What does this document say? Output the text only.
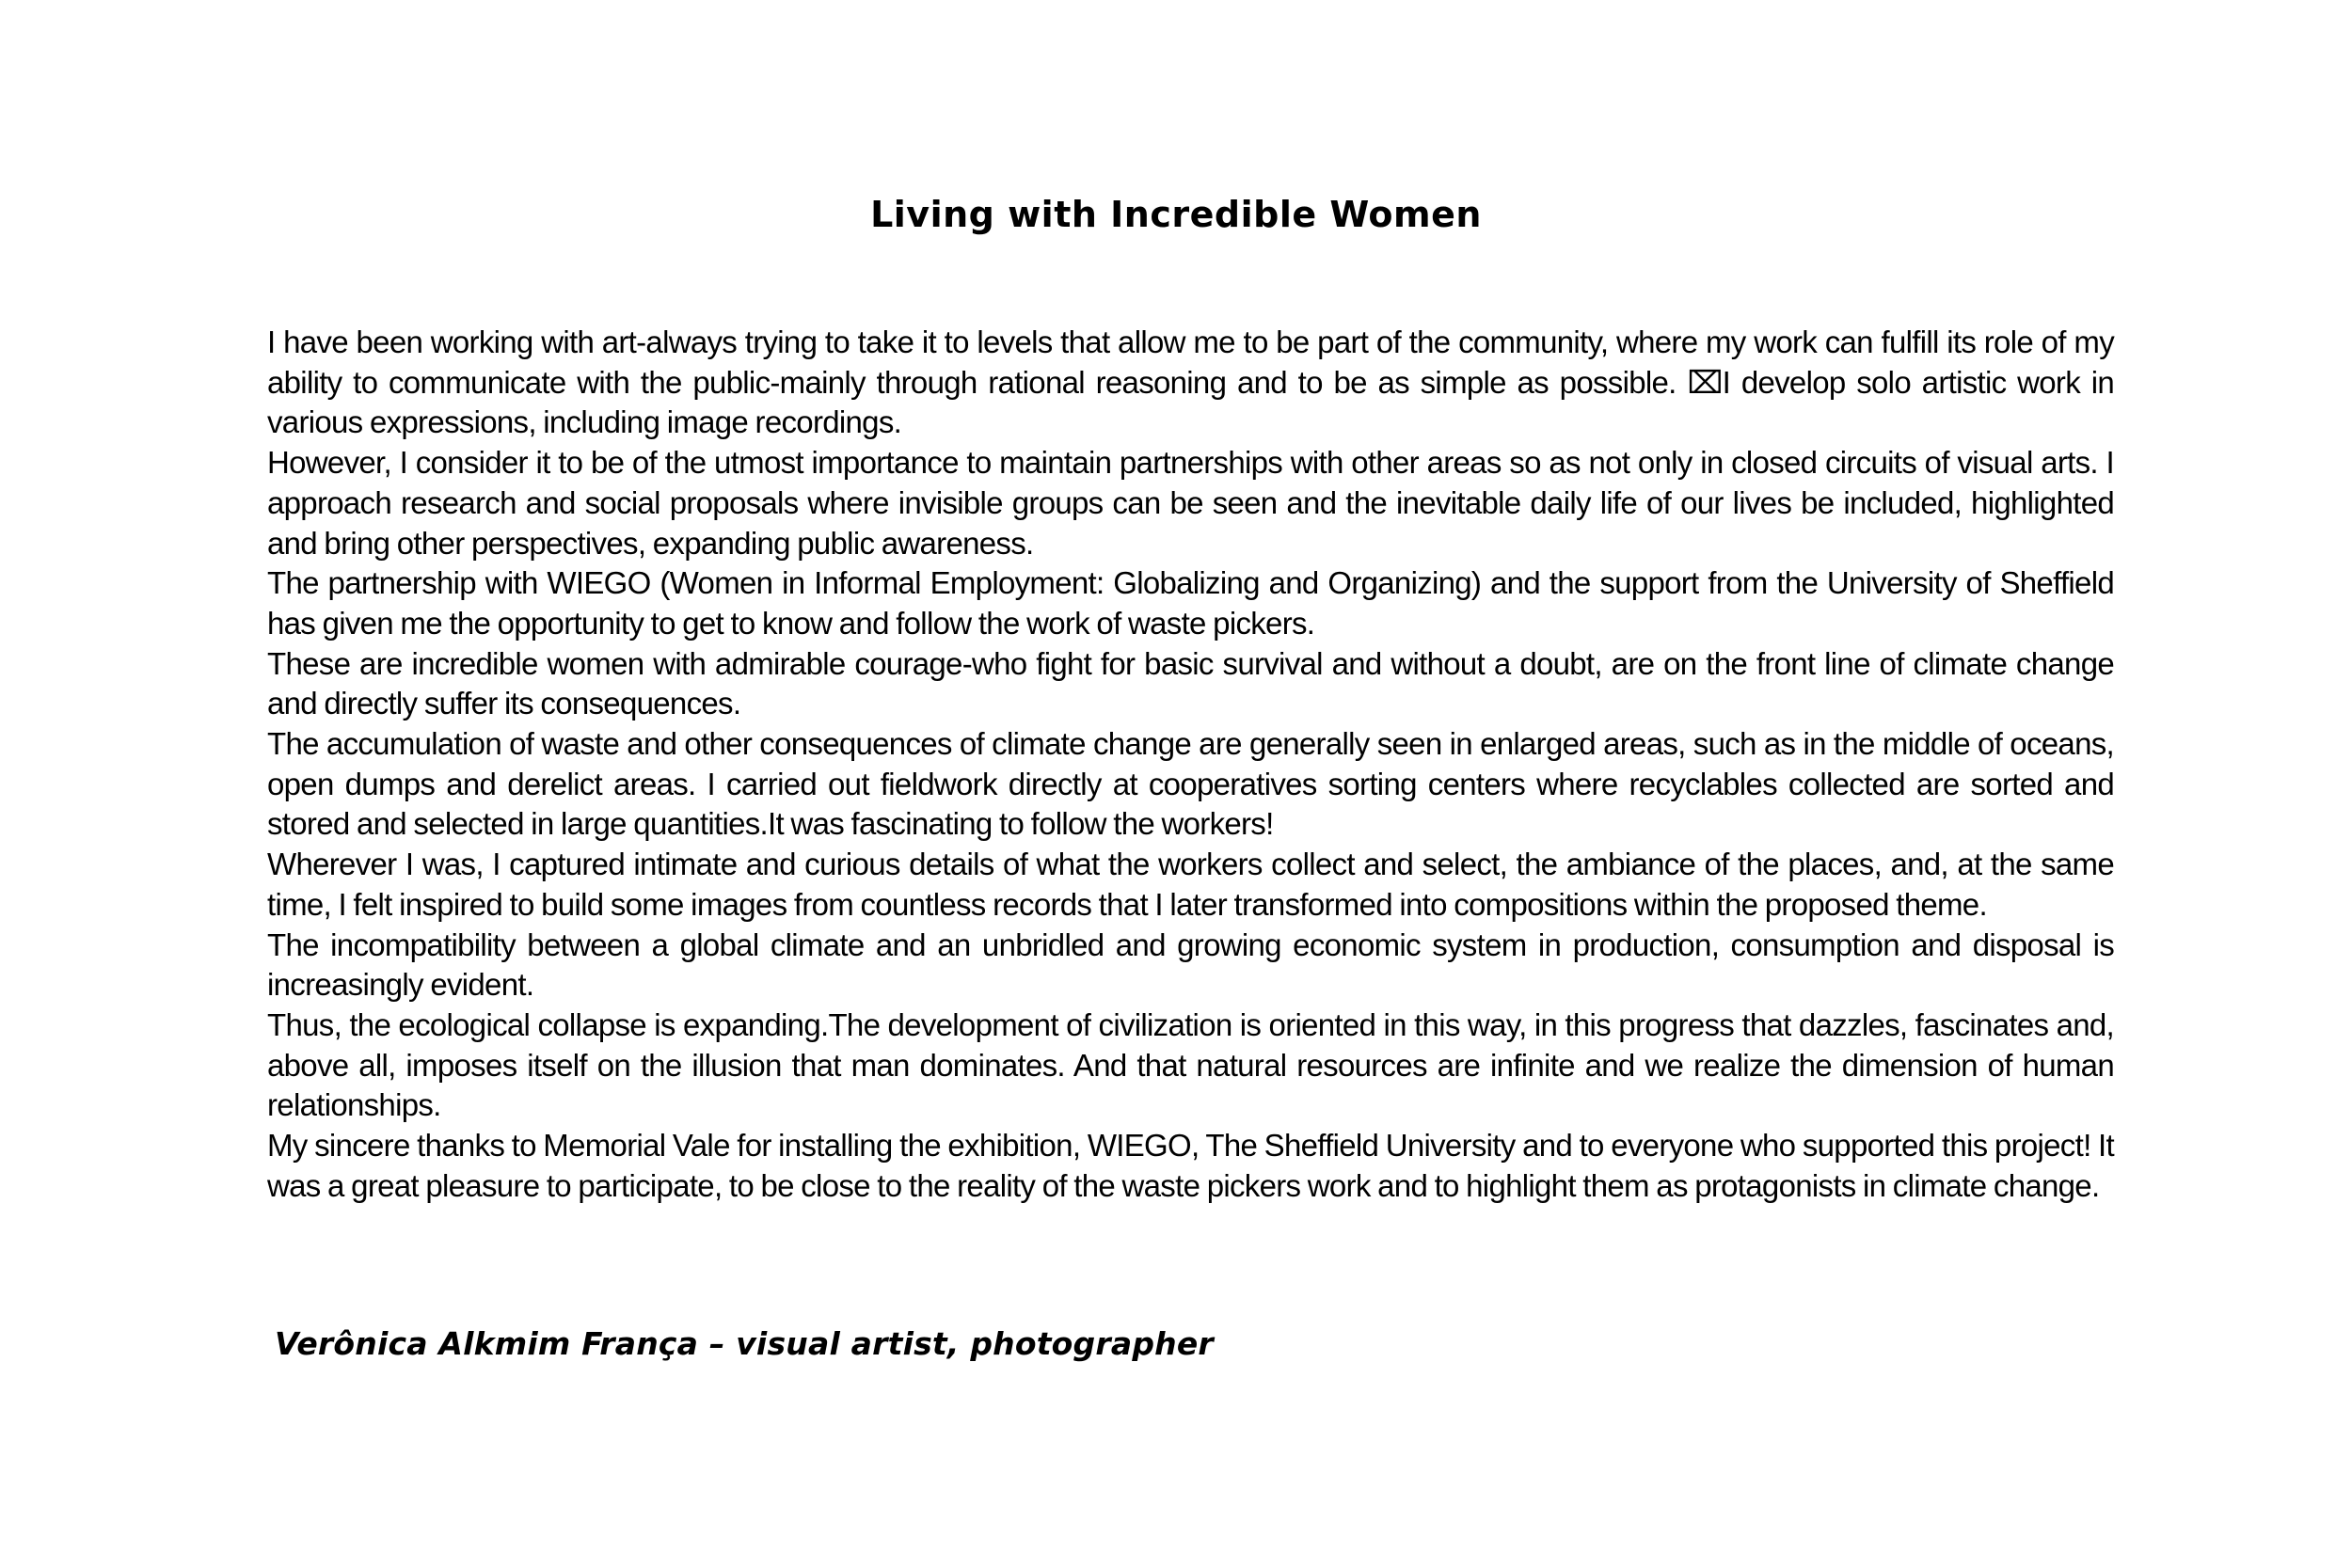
Living with Incredible Women

I have been working with art-always trying to take it to levels that allow me to be part of the community, where my work can fulfill its role of my ability to communicate with the public-mainly through rational reasoning and to be as simple as possible. ⌧I develop solo artistic work in various expressions, including image recordings.

However, I consider it to be of the utmost importance to maintain partnerships with other areas so as not only in closed circuits of visual arts. I approach research and social proposals where invisible groups can be seen and the inevitable daily life of our lives be included, highlighted and bring other perspectives, expanding public awareness.

The partnership with WIEGO (Women in Informal Employment: Globalizing and Organizing) and the support from the University of Sheffield has given me the opportunity to get to know and follow the work of waste pickers.

These are incredible women with admirable courage-who fight for basic survival and without a doubt, are on the front line of climate change and directly suffer its consequences.

The accumulation of waste and other consequences of climate change are generally seen in enlarged areas, such as in the middle of oceans, open dumps and derelict areas. I carried out fieldwork directly at cooperatives sorting centers where recyclables collected are sorted and stored and selected in large quantities.It was fascinating to follow the workers!

Wherever I was, I captured intimate and curious details of what the workers collect and select, the ambiance of the places, and, at the same time, I felt inspired to build some images from countless records that I later transformed into compositions within the proposed theme.

The incompatibility between a global climate and an unbridled and growing economic system in production, consumption and disposal is increasingly evident.

Thus, the ecological collapse is expanding.The development of civilization is oriented in this way, in this progress that dazzles, fascinates and, above all, imposes itself on the illusion that man dominates. And that natural resources are infinite and we realize the dimension of human relationships.

My sincere thanks to Memorial Vale for installing the exhibition, WIEGO, The Sheffield University and to everyone who supported this project! It was a great pleasure to participate, to be close to the reality of the waste pickers work and to highlight them as protagonists in climate change.

Verônica Alkmim França – visual artist, photographer
